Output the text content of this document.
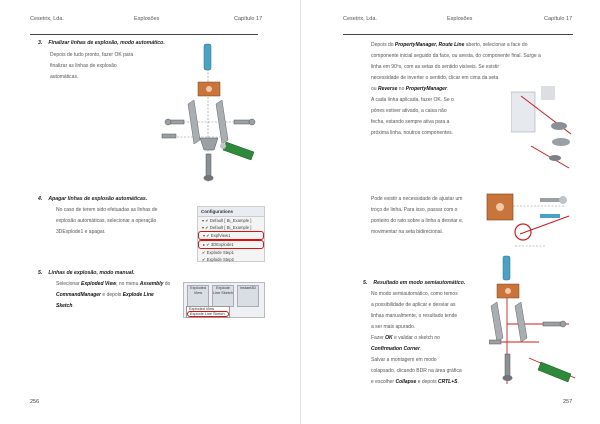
Cesetrix, Lda.	Explosões	Capítulo 17
3. Finalizar linhas de explosão, modo automático.
Depois de tudo pronto, fazer OK para
finalizar as linhas de explosão
automáticas.
4. Apagar linhas de explosão automáticas.
No caso de terem sido efetuadas as linhas de
explosão automáticas, selecionar a operação
3DExplode1 e apagar.
Configurations
▾ ✔ Default [ Bi_Example ]
▾ ✔ Default [ Bi_Example ]
▾ ✔ ExplView1
▸ ✔ 3DExplode1
✔ Explode Step1
✔ Explode Step2
5. Linhas de explosão, modo manual.
Selecionar Exploded View, no menu Assembly do
CommandManager e depois Explode Line
Sketch.
Exploded View
Explode Line Sketch
Instant3D
Exploded View
Explode Line Sketch
256
Cesetrix, Lda.	Explosões	Capítulo 17
Depois do PropertyManager, Route Line aberto, selecionar a face do
componente inicial seguido da face, ou aresta, do componente final. Surge a
linha em 90ºs, com as setas do sentido visíveis. Se existir
necessidade de inverter o sentido, clicar em cima da seta
ou Reverse no PropertyManager.
A cada linha aplicada, fazer OK. Se o
pónes estiver ativado, a caixa não
fecha, estando sempre ativa para a
próxima linha, noutros componentes.
Pode existir a necessidade de ajustar um
troço de linha. Para isso, passar com o
ponteiro do rato sobre a linha a desviar e,
movimentar na seta bidirecional.
5. Resultado em modo semiautomático.
No modo semiautomático, como temos
a possibilidade de aplicar e desviar as
linhas manualmente, o resultado tende
a ser mais apurado.
Fazer OK e validar o sketch no
Confirmation Corner.
Salvar a montagem em modo
colapsado, clicando BDR na área gráfica
e escolher Collapse e depois CRTL+S.
257
